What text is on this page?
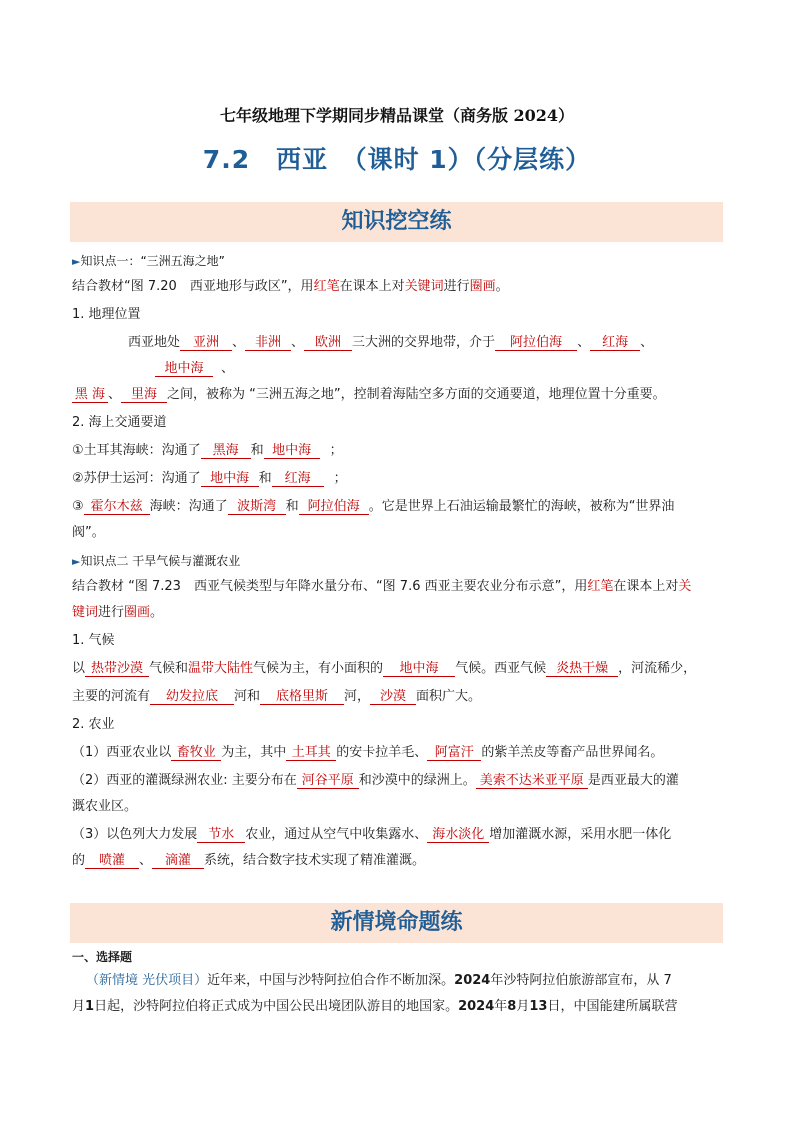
七年级地理下学期同步精品课堂（商务版 2024）
7.2　西亚　（课时 1）（分层练）
知识挖空练
►知识点一：“三洲五海之地”
结合教材“图 7.20　西亚地形与政区”，用红笔在课本上对关键词进行圈画。
1. 地理位置
西亚地处 亚洲 、 非洲 、 欧洲 三大洲的交界地带，介于 阿拉伯海 、 红海 、
地中海 、
黑 海 、 里海 之间，被称为 “三洲五海之地”，控制着海陆空多方面的交通要道，地理位置十分重要。
2. 海上交通要道
①土耳其海峡：沟通了 黑海 和 地中海 ；
②苏伊士运河：沟通了 地中海 和 红海 ；
③ 霍尔木兹 海峡：沟通了 波斯湾 和 阿拉伯海 。它是世界上石油运输最繁忙的海峡，被称为“世界油
阀”。
►知识点二 干旱气候与灌溉农业
结合教材 “图 7.23　西亚气候类型与年降水量分布、“图 7.6 西亚主要农业分布示意”，用红笔在课本上对关
键词进行圈画。
1. 气候
以 热带沙漠 气候和温带大陆性气候为主，有小面积的 地中海 气候。西亚气候 炎热干燥 ，河流稀少，
主要的河流有 幼发拉底 河和 底格里斯 河， 沙漠 面积广大。
2. 农业
（1）西亚农业以 畜牧业 为主，其中 土耳其 的安卡拉羊毛、 阿富汗 的紫羊羔皮等畜产品世界闻名。
（2）西亚的灌溉绿洲农业: 主要分布在 河谷平原 和沙漠中的绿洲上。 美索不达米亚平原 是西亚最大的灌
溉农业区。
（3）以色列大力发展 节水 农业，通过从空气中收集露水、 海水淡化 增加灌溉水源，采用水肥一体化
的 喷灌 、 滴灌 系统，结合数字技术实现了精准灌溉。
新情境命题练
一、选择题
（新情境 光伏项目）近年来，中国与沙特阿拉伯合作不断加深。2024年沙特阿拉伯旅游部宣布，从 7
月1日起，沙特阿拉伯将正式成为中国公民出境团队游目的地国家。2024年8月13日，中国能建所属联营
